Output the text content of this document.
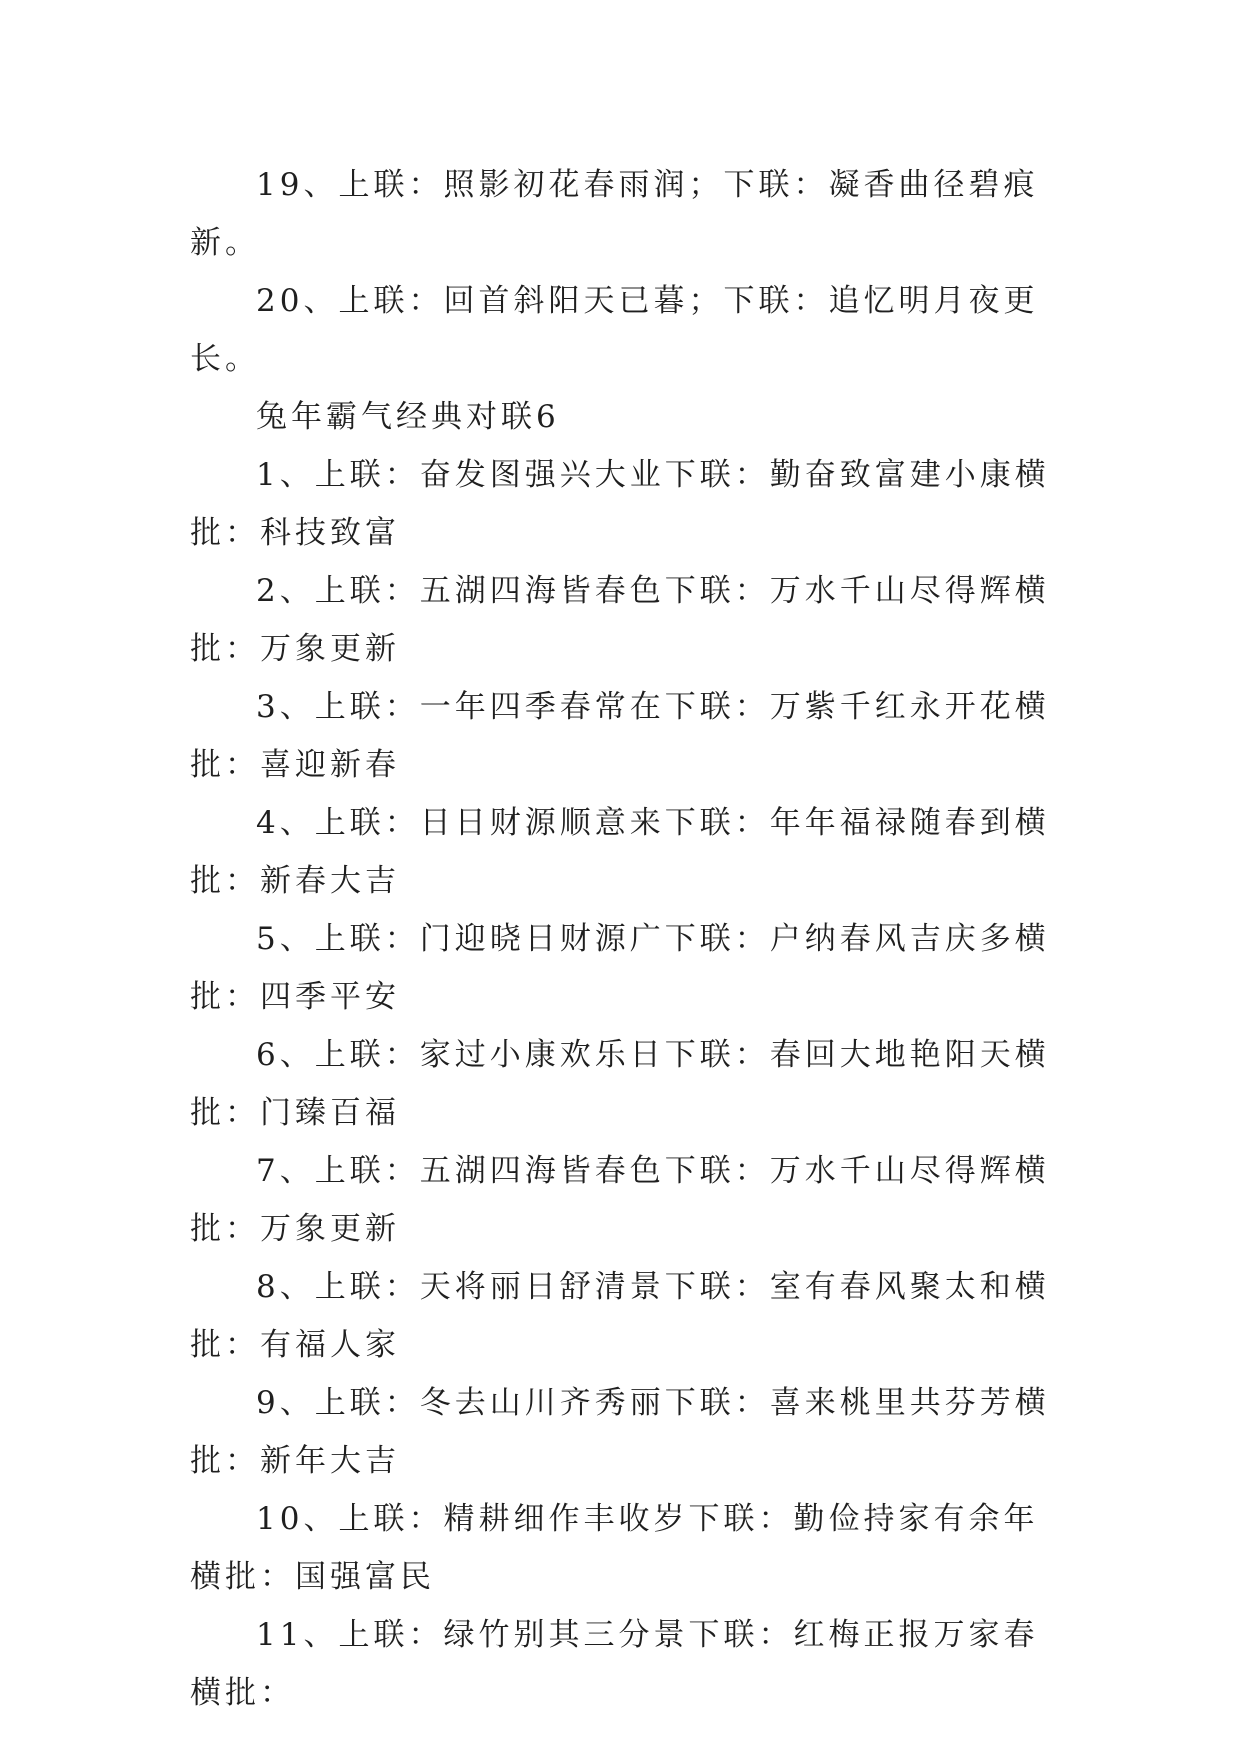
19、上联：照影初花春雨润；下联：凝香曲径碧痕新。

20、上联：回首斜阳天已暮；下联：追忆明月夜更长。

兔年霸气经典对联6

1、上联：奋发图强兴大业下联：勤奋致富建小康横批：科技致富

2、上联：五湖四海皆春色下联：万水千山尽得辉横批：万象更新

3、上联：一年四季春常在下联：万紫千红永开花横批：喜迎新春

4、上联：日日财源顺意来下联：年年福禄随春到横批：新春大吉

5、上联：门迎晓日财源广下联：户纳春风吉庆多横批：四季平安

6、上联：家过小康欢乐日下联：春回大地艳阳天横批：门臻百福

7、上联：五湖四海皆春色下联：万水千山尽得辉横批：万象更新

8、上联：天将丽日舒清景下联：室有春风聚太和横批：有福人家

9、上联：冬去山川齐秀丽下联：喜来桃里共芬芳横批：新年大吉

10、上联：精耕细作丰收岁下联：勤俭持家有余年横批：国强富民

11、上联：绿竹别其三分景下联：红梅正报万家春横批：
